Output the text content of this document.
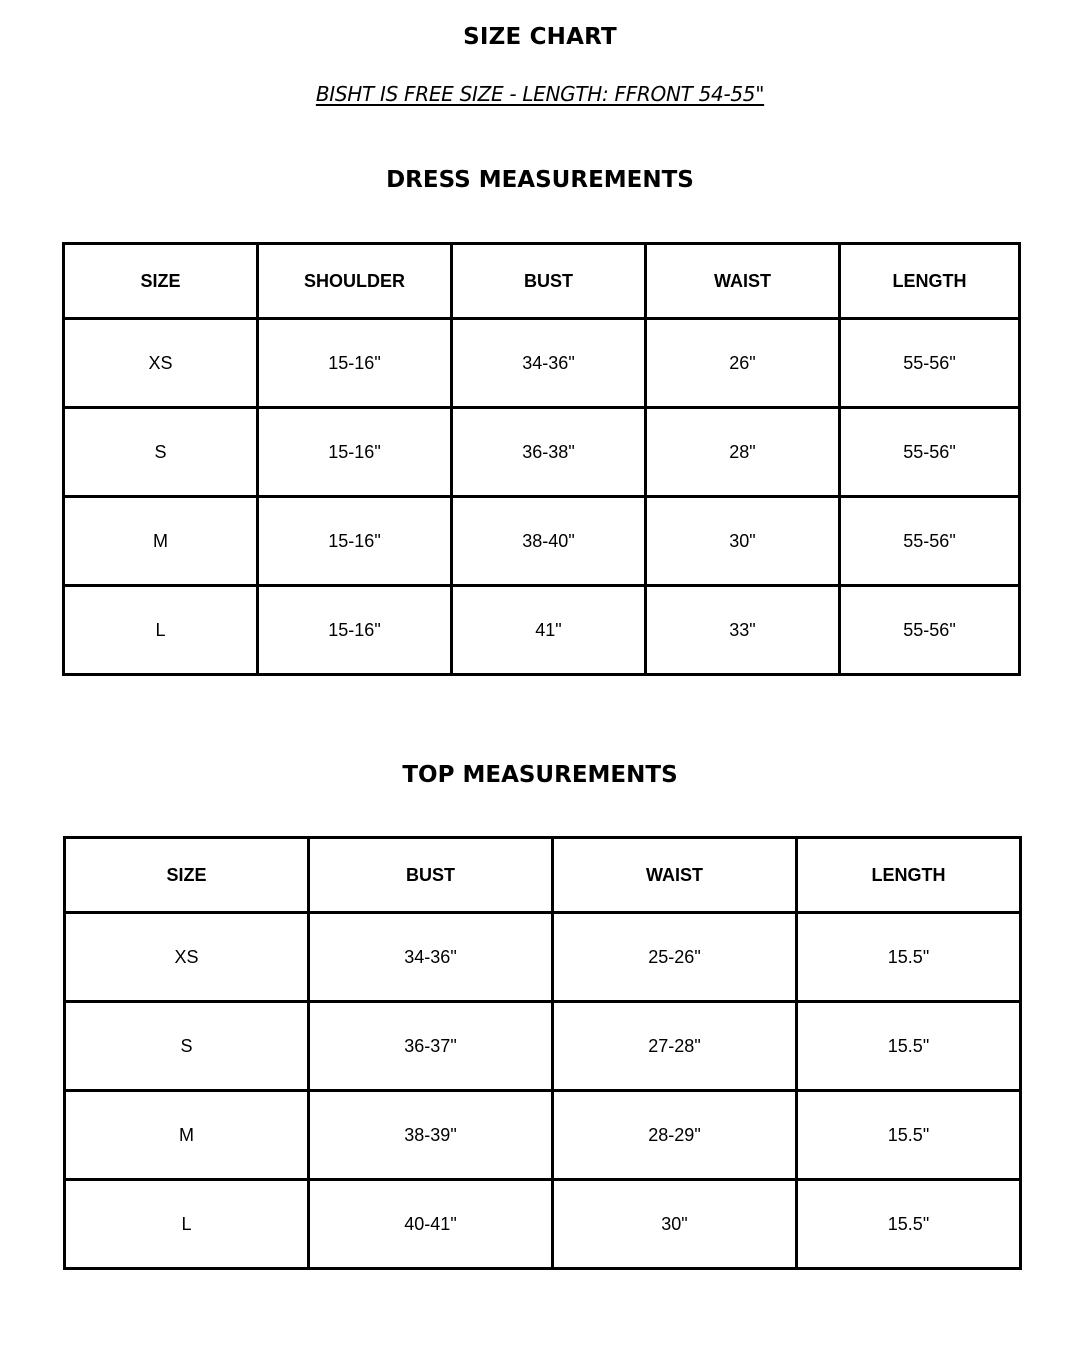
SIZE CHART

BISHT IS FREE SIZE - LENGTH: FFRONT 54-55"

DRESS MEASUREMENTS
SIZE	SHOULDER	BUST	WAIST	LENGTH
XS	15-16"	34-36"	26"	55-56"
S	15-16"	36-38"	28"	55-56"
M	15-16"	38-40"	30"	55-56"
L	15-16"	41"	33"	55-56"
TOP MEASUREMENTS
SIZE	BUST	WAIST	LENGTH
XS	34-36"	25-26"	15.5"
S	36-37"	27-28"	15.5"
M	38-39"	28-29"	15.5"
L	40-41"	30"	15.5"
